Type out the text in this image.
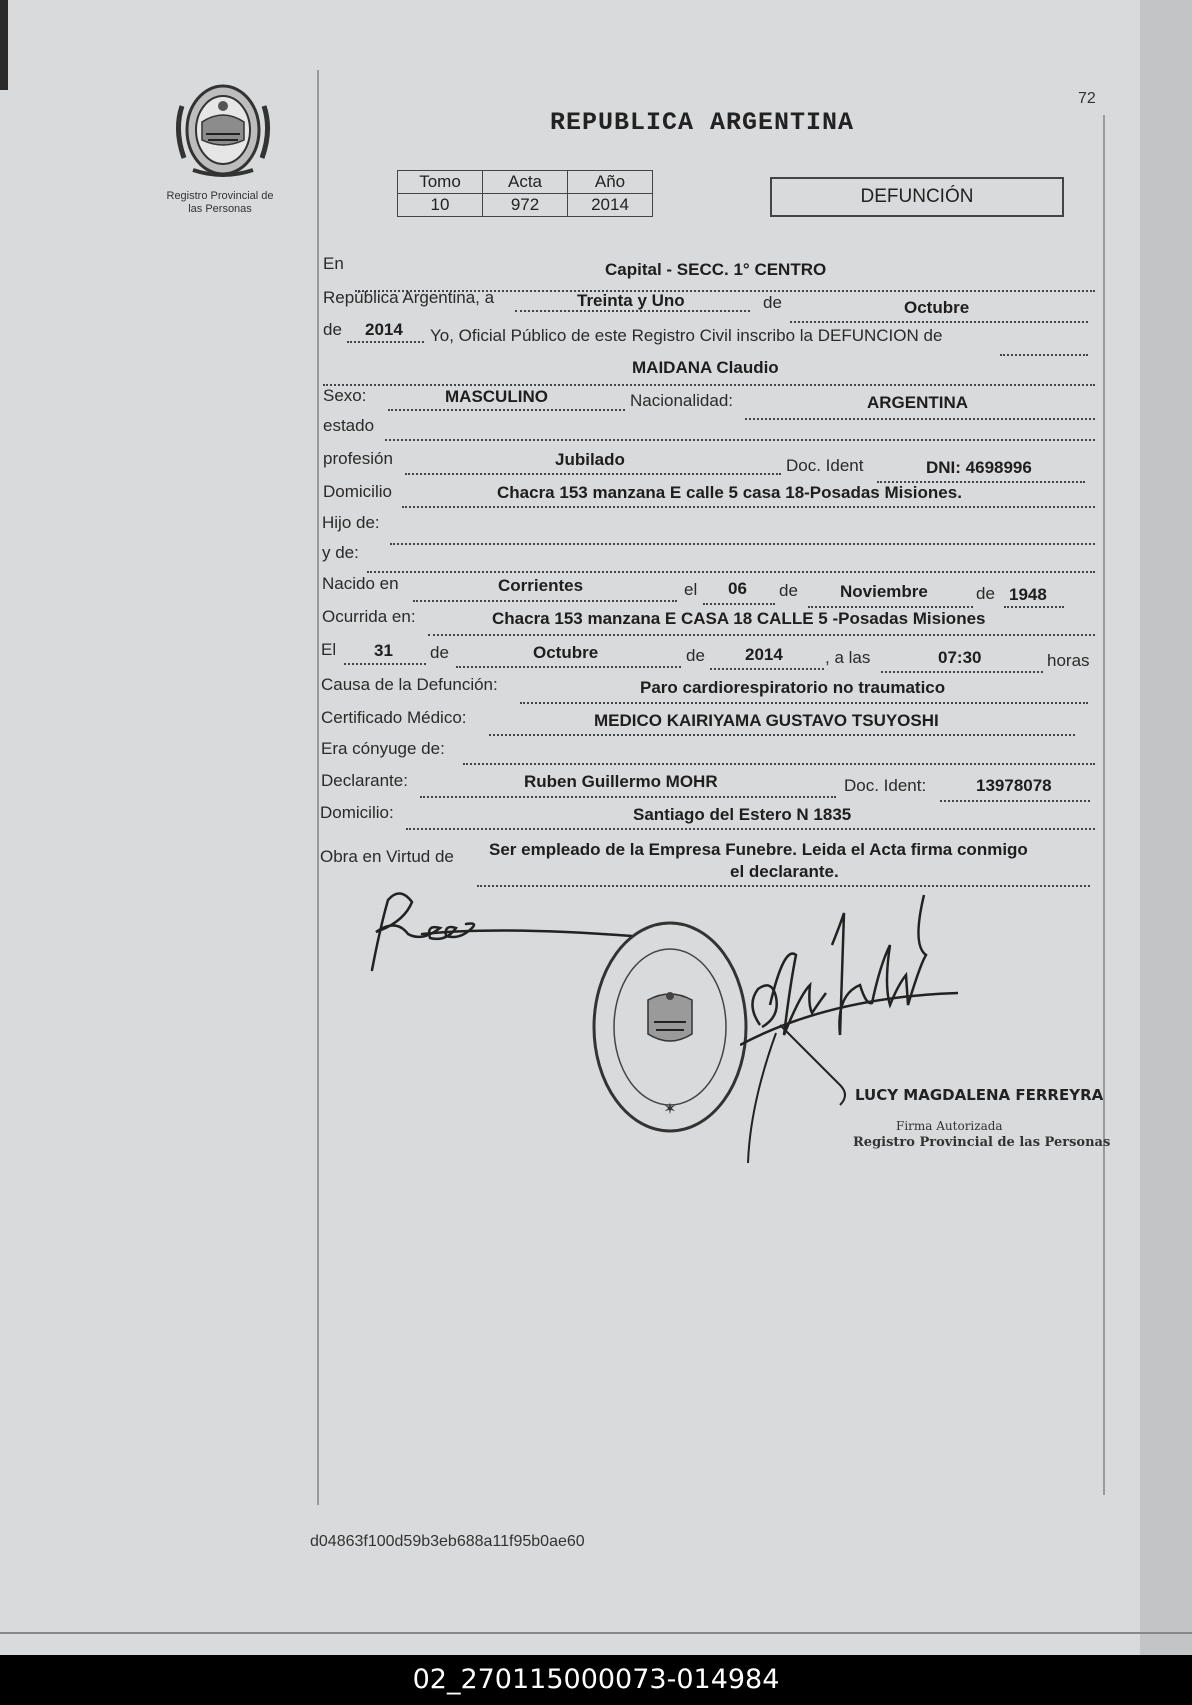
72
Registro Provincial de
las Personas
REPUBLICA ARGENTINA
Tomo	Acta	Año
10	972	2014	DEFUNCIÓN
En	Capital - SECC. 1° CENTRO
República Argentina, a	Treinta y Uno	de	Octubre
de 2014 Yo, Oficial Público de este Registro Civil inscribo la DEFUNCION de
MAIDANA Claudio
Sexo:	MASCULINO	Nacionalidad:	ARGENTINA
estado
profesión	Jubilado	Doc. Ident	DNI: 4698996
Domicilio	Chacra 153 manzana E calle 5 casa 18-Posadas Misiones.
Hijo de:
y de:
Nacido en	Corrientes	el 06 de Noviembre	de 1948
Ocurrida en:	Chacra 153 manzana E CASA 18 CALLE 5 -Posadas Misiones
El 31 de	Octubre	de 2014 , a las	07:30	horas
Causa de la Defunción:	Paro cardiorespiratorio no traumatico
Certificado Médico:	MEDICO KAIRIYAMA GUSTAVO TSUYOSHI
Era cónyuge de:
Declarante:	Ruben Guillermo MOHR	Doc. Ident:	13978078
Domicilio:	Santiago del Estero N 1835
Obra en Virtud de Ser empleado de la Empresa Funebre. Leida el Acta firma conmigo
el declarante.
✶
LUCY MAGDALENA FERREYRA
Firma Autorizada
Registro Provincial de las Personas
d04863f100d59b3eb688a11f95b0ae60
02_270115000073-014984
